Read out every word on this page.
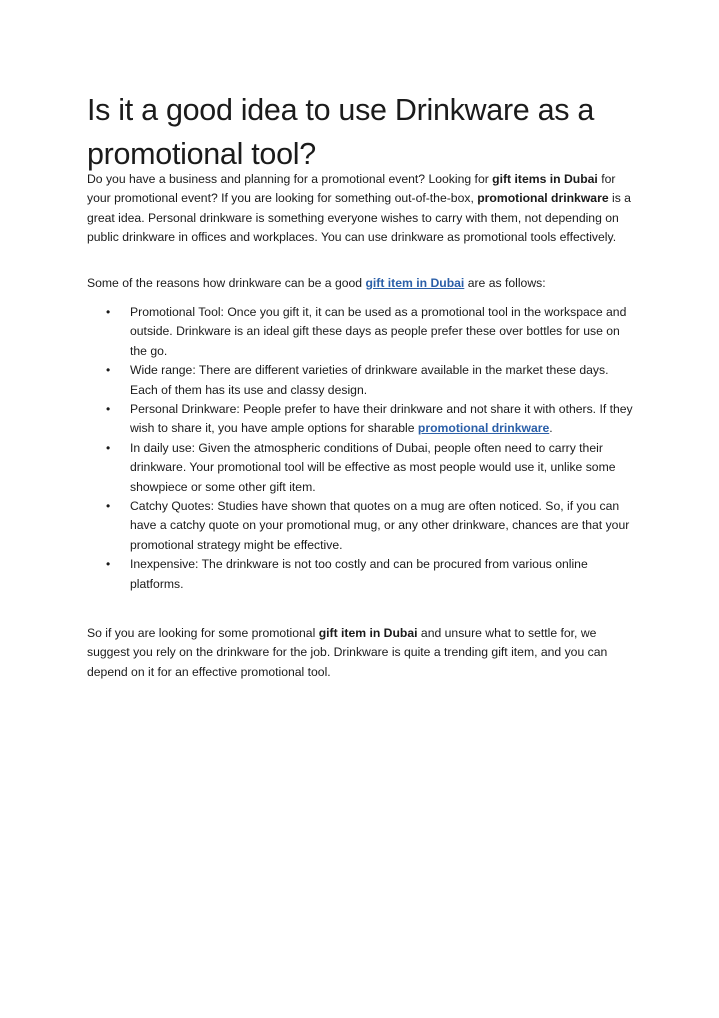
Is it a good idea to use Drinkware as a promotional tool?

Do you have a business and planning for a promotional event? Looking for gift items in Dubai for your promotional event? If you are looking for something out-of-the-box, promotional drinkware is a great idea. Personal drinkware is something everyone wishes to carry with them, not depending on public drinkware in offices and workplaces. You can use drinkware as promotional tools effectively.

Some of the reasons how drinkware can be a good gift item in Dubai are as follows:

• Promotional Tool: Once you gift it, it can be used as a promotional tool in the workspace and outside. Drinkware is an ideal gift these days as people prefer these over bottles for use on the go.
• Wide range: There are different varieties of drinkware available in the market these days. Each of them has its use and classy design.
• Personal Drinkware: People prefer to have their drinkware and not share it with others. If they wish to share it, you have ample options for sharable promotional drinkware.
• In daily use: Given the atmospheric conditions of Dubai, people often need to carry their drinkware. Your promotional tool will be effective as most people would use it, unlike some showpiece or some other gift item.
• Catchy Quotes: Studies have shown that quotes on a mug are often noticed. So, if you can have a catchy quote on your promotional mug, or any other drinkware, chances are that your promotional strategy might be effective.
• Inexpensive: The drinkware is not too costly and can be procured from various online platforms.

So if you are looking for some promotional gift item in Dubai and unsure what to settle for, we suggest you rely on the drinkware for the job. Drinkware is quite a trending gift item, and you can depend on it for an effective promotional tool.
